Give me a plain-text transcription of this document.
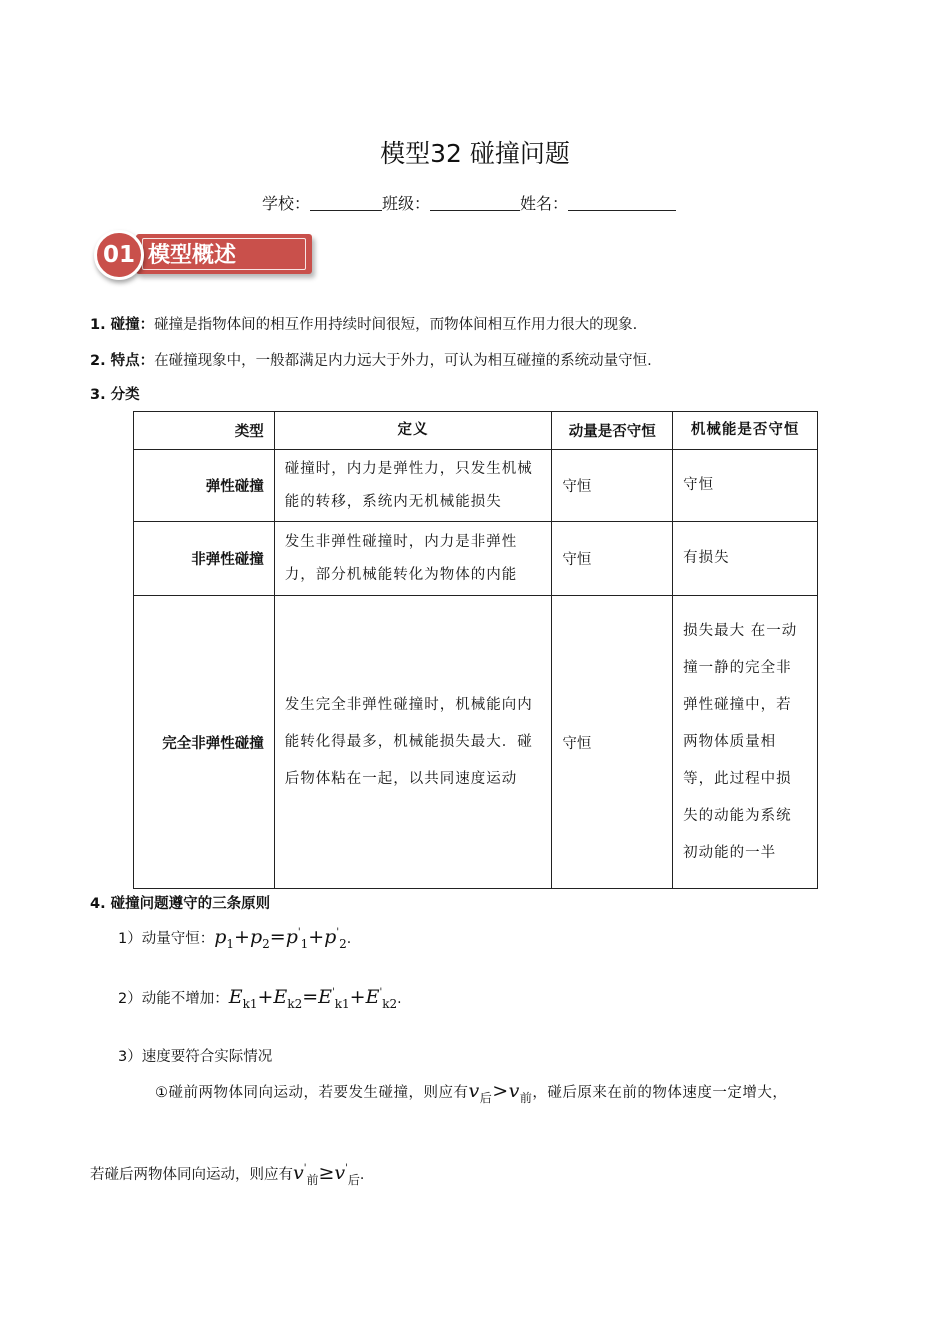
模型32 碰撞问题
学校：	班级：	姓名：
模型概述
01
1. 碰撞：碰撞是指物体间的相互作用持续时间很短，而物体间相互作用力很大的现象.
2. 特点：在碰撞现象中，一般都满足内力远大于外力，可认为相互碰撞的系统动量守恒.
3. 分类
类型	定义	动量是否守恒	机械能是否守恒
弹性碰撞	碰撞时，内力是弹性力，只发生机械能的转移，系统内无机械能损失	守恒	守恒
非弹性碰撞	发生非弹性碰撞时，内力是非弹性力，部分机械能转化为物体的内能	守恒	有损失
完全非弹性碰撞	发生完全非弹性碰撞时，机械能向内能转化得最多，机械能损失最大．碰后物体粘在一起，以共同速度运动	守恒	损失最大 在一动撞一静的完全非弹性碰撞中，若两物体质量相等，此过程中损失的动能为系统初动能的一半
4. 碰撞问题遵守的三条原则
1）动量守恒：$p_1+p_2=p'_1+p'_2$.
2）动能不增加：$E_{k1}+E_{k2}=E'_{k1}+E'_{k2}$.
3）速度要符合实际情况
①碰前两物体同向运动，若要发生碰撞，则应有$v_后>v_前$，碰后原来在前的物体速度一定增大，
若碰后两物体同向运动，则应有$v'_前\ge v'_后$.
